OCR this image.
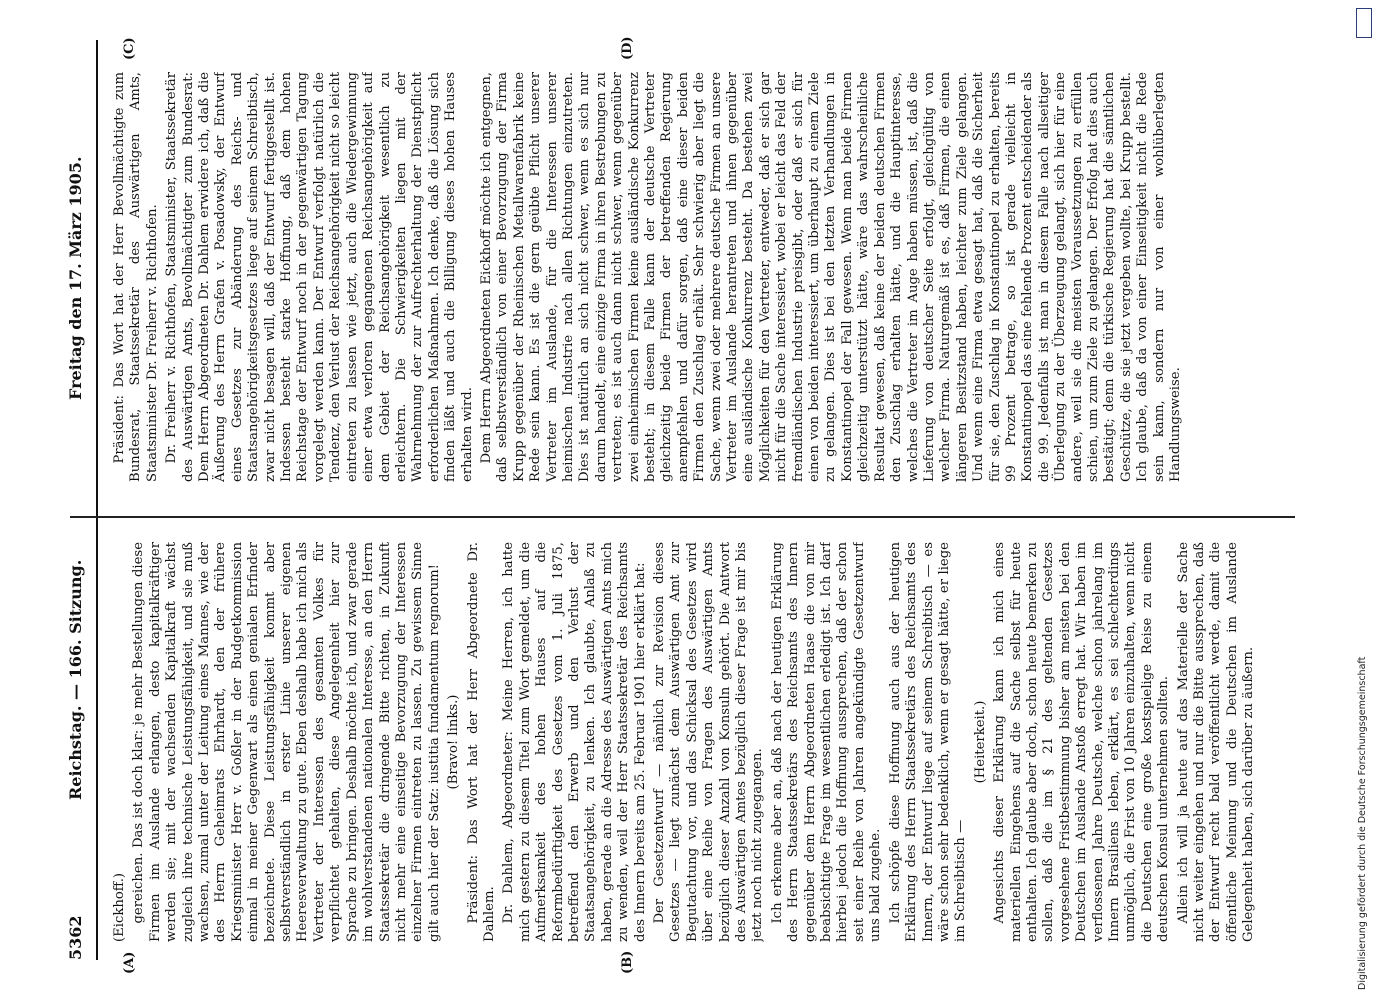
5362
Reichstag. — 166. Sitzung.
Freitag den 17. März 1905.
(A)	(B)
(C)	(D)

(Eickhoff.) gereichen. Das ist doch klar: je mehr Bestellungen diese Firmen im Auslande erlangen, desto kapitalkräftiger werden sie; mit der wachsenden Kapitalkraft wächst zugleich ihre technische Leistungsfähigkeit, und sie muß wachsen, zumal unter der Leitung eines Mannes, wie der des Herrn Geheimrats Ehrhardt, den der frühere Kriegsminister Herr v. Goßler in der Budgetkommission einmal in meiner Gegenwart als einen genialen Erfinder bezeichnete. Diese Leistungsfähigkeit kommt aber selbstverständlich in erster Linie unserer eigenen Heeresverwaltung zu gute. Eben deshalb habe ich mich als Vertreter der Interessen des gesamten Volkes für verpflichtet gehalten, diese Angelegenheit hier zur Sprache zu bringen. Deshalb möchte ich, und zwar gerade im wohlverstandenen nationalen Interesse, an den Herrn Staatssekretär die dringende Bitte richten, in Zukunft nicht mehr eine einseitige Bevorzugung der Interessen einzelner Firmen eintreten zu lassen. Zu gewissem Sinne gilt auch hier der Satz: iustitia fundamentum regnorum! (Bravo! links.) Präsident: Das Wort hat der Herr Abgeordnete Dr. Dahlem. Dr. Dahlem, Abgeordneter: Meine Herren, ich hatte mich gestern zu diesem Titel zum Wort gemeldet, um die Aufmerksamkeit des hohen Hauses auf die Reformbedürftigkeit des Gesetzes vom 1. Juli 1875, betreffend den Erwerb und den Verlust der Staatsangehörigkeit, zu lenken. Ich glaubte, Anlaß zu haben, gerade an die Adresse des Auswärtigen Amts mich zu wenden, weil der Herr Staatssekretär des Reichsamts des Innern bereits am 25. Februar 1901 hier erklärt hat: Der Gesetzentwurf — nämlich zur Revision dieses Gesetzes — liegt zunächst dem Auswärtigen Amt zur Begutachtung vor, und das Schicksal des Gesetzes wird über eine Reihe von Fragen des Auswärtigen Amts bezüglich dieser Anzahl von Konsuln gehört. Die Antwort des Auswärtigen Amtes bezüglich dieser Frage ist mir bis jetzt noch nicht zugegangen. Ich erkenne aber an, daß nach der heutigen Erklärung des Herrn Staatssekretärs des Reichsamts des Innern gegenüber dem Herrn Abgeordneten Haase die von mir beabsichtigte Frage im wesentlichen erledigt ist. Ich darf hierbei jedoch die Hoffnung aussprechen, daß der schon seit einer Reihe von Jahren angekündigte Gesetzentwurf uns bald zugehe. Ich schöpfe diese Hoffnung auch aus der heutigen Erklärung des Herrn Staatssekretärs des Reichsamts des Innern, der Entwurf liege auf seinem Schreibtisch — es wäre schon sehr bedenklich, wenn er gesagt hätte, er liege im Schreibtisch —

(Heiterkeit.) Angesichts dieser Erklärung kann ich mich eines materiellen Eingehens auf die Sache selbst für heute enthalten. Ich glaube aber doch, schon heute bemerken zu sollen, daß die im § 21 des geltenden Gesetzes vorgesehene Fristbestimmung bisher am meisten bei den Deutschen im Auslande Anstoß erregt hat. Wir haben im verflossenen Jahre Deutsche, welche schon jahrelang im Innern Brasiliens leben, erklärt, es sei schlechterdings unmöglich, die Frist von 10 Jahren einzuhalten, wenn nicht die Deutschen eine große kostspielige Reise zu einem deutschen Konsul unternehmen sollten. Allein ich will ja heute auf das Materielle der Sache nicht weiter eingehen und nur die Bitte aussprechen, daß der Entwurf recht bald veröffentlicht werde, damit die öffentliche Meinung und die Deutschen im Auslande Gelegenheit haben, sich darüber zu äußern.

Präsident: Das Wort hat der Herr Bevollmächtigte zum Bundesrat, Staatssekretär des Auswärtigen Amts, Staatsminister Dr. Freiherr v. Richthofen. Dr. Freiherr v. Richthofen, Staatsminister, Staatssekretär des Auswärtigen Amts, Bevollmächtigter zum Bundesrat: Dem Herrn Abgeordneten Dr. Dahlem erwidere ich, daß die Äußerung des Herrn Grafen v. Posadowsky, der Entwurf eines Gesetzes zur Abänderung des Reichs- und Staatsangehörigkeitsgesetzes liege auf seinem Schreibtisch, zwar nicht besagen will, daß der Entwurf fertiggestellt ist. Indessen besteht starke Hoffnung, daß dem hohen Reichstage der Entwurf noch in der gegenwärtigen Tagung vorgelegt werden kann. Der Entwurf verfolgt natürlich die Tendenz, den Verlust der Reichsangehörigkeit nicht so leicht eintreten zu lassen wie jetzt, auch die Wiedergewinnung einer etwa verloren gegangenen Reichsangehörigkeit auf dem Gebiet der Reichsangehörigkeit wesentlich zu erleichtern. Die Schwierigkeiten liegen mit der Wahrnehmung der zur Aufrechterhaltung der Dienstpflicht erforderlichen Maßnahmen. Ich denke, daß die Lösung sich finden läßt und auch die Billigung dieses hohen Hauses erhalten wird. Dem Herrn Abgeordneten Eickhoff möchte ich entgegnen, daß selbstverständlich von einer Bevorzugung der Firma Krupp gegenüber der Rheinischen Metallwarenfabrik keine Rede sein kann. Es ist die gern geübte Pflicht unserer Vertreter im Auslande, für die Interessen unserer heimischen Industrie nach allen Richtungen einzutreten. Dies ist natürlich an sich nicht schwer, wenn es sich nur darum handelt, eine einzige Firma in ihren Bestrebungen zu vertreten; es ist auch dann nicht schwer, wenn gegenüber zwei einheimischen Firmen keine ausländische Konkurrenz besteht; in diesem Falle kann der deutsche Vertreter gleichzeitig beide Firmen der betreffenden Regierung anempfehlen und dafür sorgen, daß eine dieser beiden Firmen den Zuschlag erhält. Sehr schwierig aber liegt die Sache, wenn zwei oder mehrere deutsche Firmen an unsere Vertreter im Auslande herantreten und ihnen gegenüber eine ausländische Konkurrenz besteht. Da bestehen zwei Möglichkeiten für den Vertreter, entweder, daß er sich gar nicht für die Sache interessiert, wobei er leicht das Feld der fremdländischen Industrie preisgibt, oder daß er sich für einen von beiden interessiert, um überhaupt zu einem Ziele zu gelangen. Dies ist bei den letzten Verhandlungen in Konstantinopel der Fall gewesen. Wenn man beide Firmen gleichzeitig unterstützt hätte, wäre das wahrscheinliche Resultat gewesen, daß keine der beiden deutschen Firmen den Zuschlag erhalten hätte, und die Hauptinteresse, welches die Vertreter im Auge haben müssen, ist, daß die Lieferung von deutscher Seite erfolgt, gleichgültig von welcher Firma. Naturgemäß ist es, daß Firmen, die einen längeren Besitzstand haben, leichter zum Ziele gelangen. Und wenn eine Firma etwa gesagt hat, daß die Sicherheit für sie, den Zuschlag in Konstantinopel zu erhalten, bereits 99 Prozent betrage, so ist gerade vielleicht in Konstantinopel das eine fehlende Prozent entscheidender als die 99. Jedenfalls ist man in diesem Falle nach allseitiger Überlegung zu der Überzeugung gelangt, sich hier für eine andere, weil sie die meisten Voraussetzungen zu erfüllen schien, um zum Ziele zu gelangen. Der Erfolg hat dies auch bestätigt; denn die türkische Regierung hat die sämtlichen Geschütze, die sie jetzt vergeben wollte, bei Krupp bestellt. Ich glaube, daß da von einer Einseitigkeit nicht die Rede sein kann, sondern nur von einer wohlüberlegten Handlungsweise.

Digitalisierung gefördert durch die Deutsche Forschungsgemeinschaft
